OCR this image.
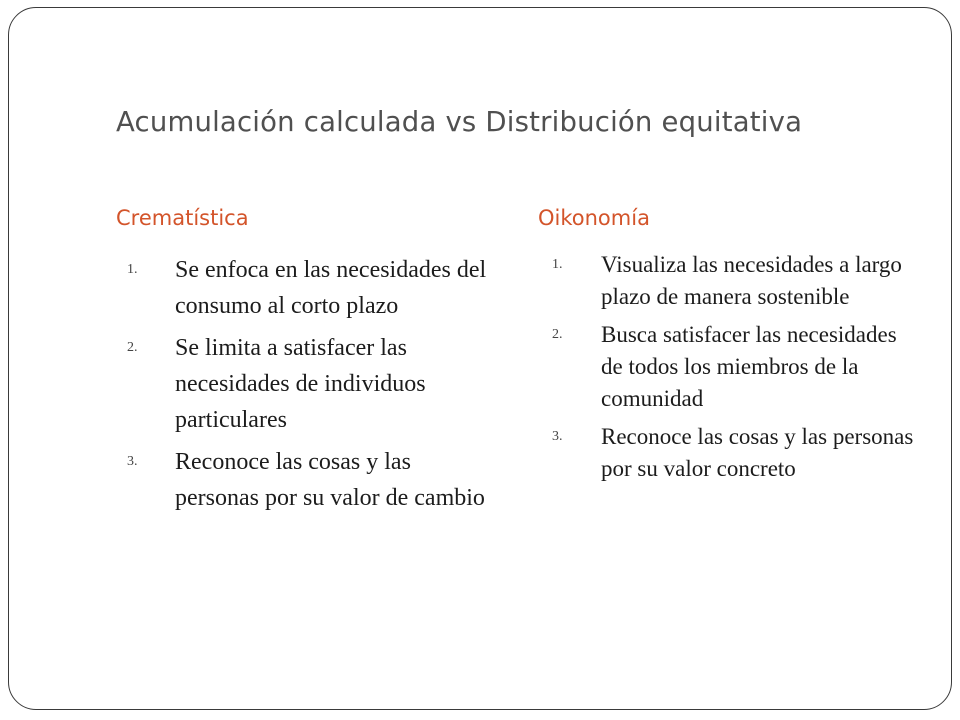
Acumulación calculada vs Distribución equitativa
Crematística	Oikonomía
1 . Se enfoca en las necesidades del consumo al corto plazo
2 . Se limita a satisfacer las necesidades de individuos particulares
3 . Reconoce las cosas y las personas por su valor de cambio
1 . Visualiza las necesidades a largo plazo de manera sostenible
2 . Busca satisfacer las necesidades de todos los miembros de la comunidad
3 . Reconoce las cosas y las personas por su valor concreto
